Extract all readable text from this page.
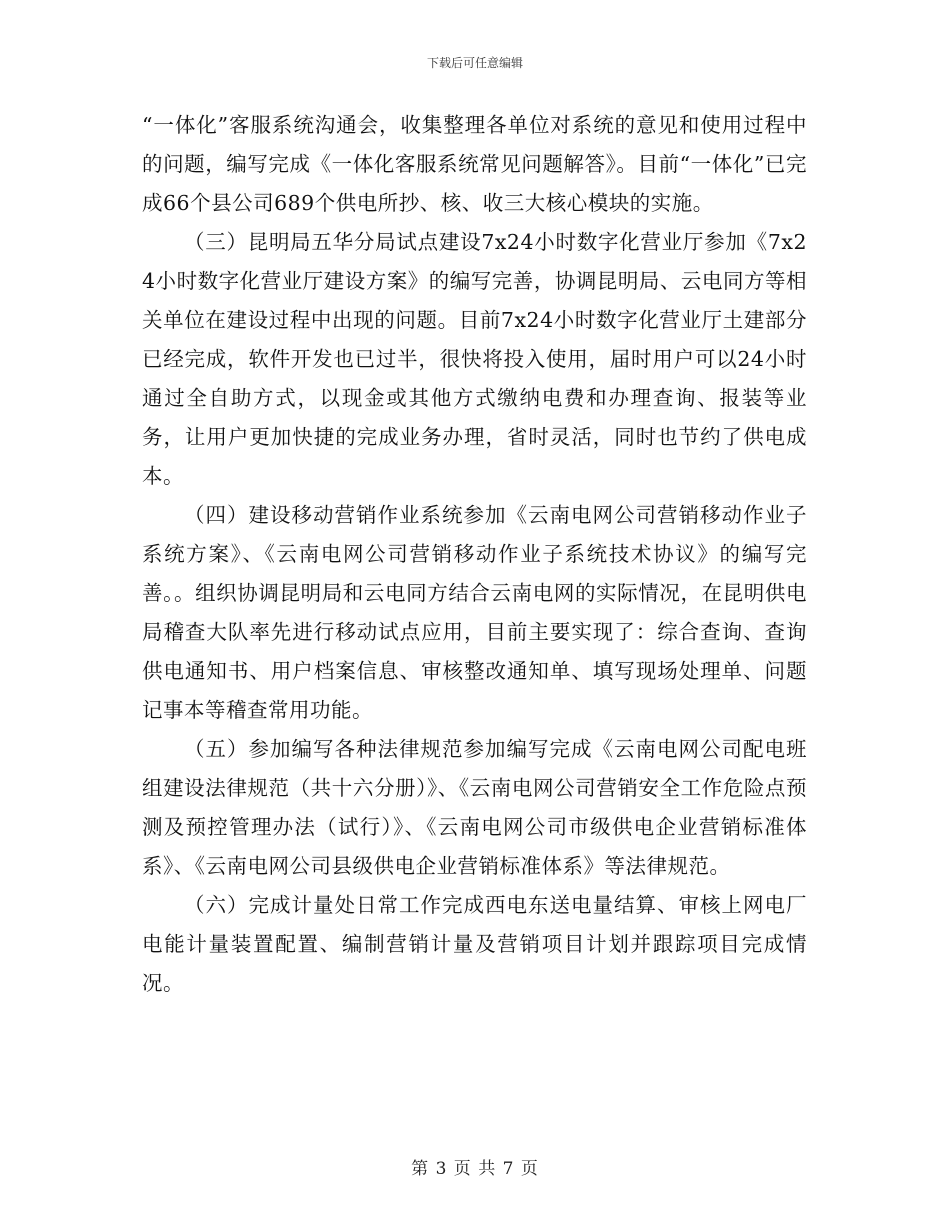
下载后可任意编辑

“一体化”客服系统沟通会，收集整理各单位对系统的意见和使用过程中的问题，编写完成《一体化客服系统常见问题解答》。目前“一体化”已完成66个县公司689个供电所抄、核、收三大核心模块的实施。

（三）昆明局五华分局试点建设7x24小时数字化营业厅参加《7x24小时数字化营业厅建设方案》的编写完善，协调昆明局、云电同方等相关单位在建设过程中出现的问题。目前7x24小时数字化营业厅土建部分已经完成，软件开发也已过半，很快将投入使用，届时用户可以24小时通过全自助方式，以现金或其他方式缴纳电费和办理查询、报装等业务，让用户更加快捷的完成业务办理，省时灵活，同时也节约了供电成本。

（四）建设移动营销作业系统参加《云南电网公司营销移动作业子系统方案》、《云南电网公司营销移动作业子系统技术协议》的编写完善。。组织协调昆明局和云电同方结合云南电网的实际情况，在昆明供电局稽查大队率先进行移动试点应用，目前主要实现了：综合查询、查询供电通知书、用户档案信息、审核整改通知单、填写现场处理单、问题记事本等稽查常用功能。

（五）参加编写各种法律规范参加编写完成《云南电网公司配电班组建设法律规范（共十六分册）》、《云南电网公司营销安全工作危险点预测及预控管理办法（试行）》、《云南电网公司市级供电企业营销标准体系》、《云南电网公司县级供电企业营销标准体系》等法律规范。

（六）完成计量处日常工作完成西电东送电量结算、审核上网电厂电能计量装置配置、编制营销计量及营销项目计划并跟踪项目完成情况。

第 3 页 共 7 页
